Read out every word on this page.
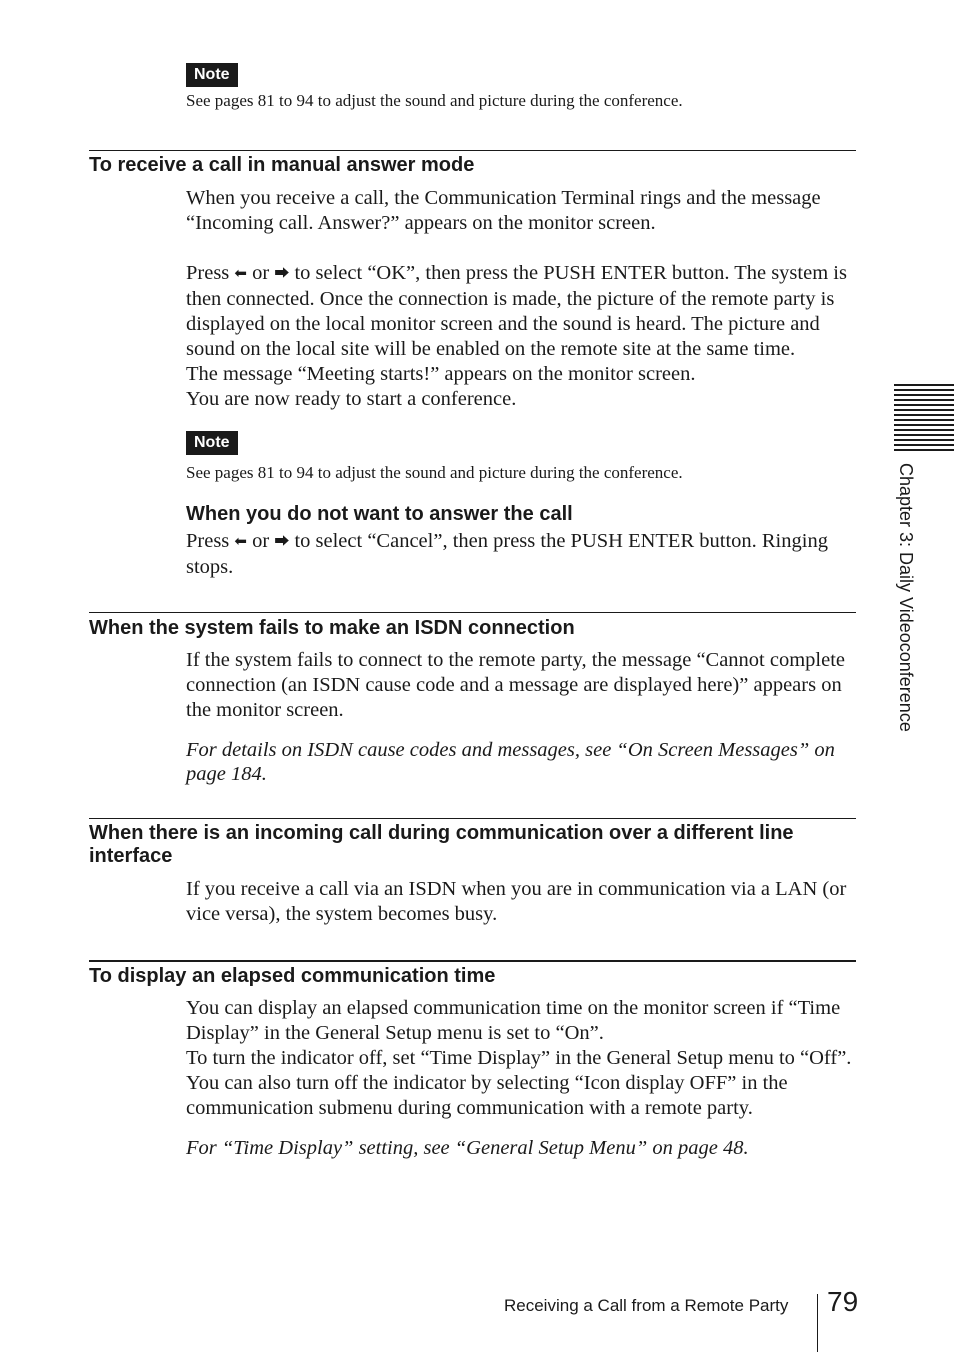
Note
See pages 81 to 94 to adjust the sound and picture during the conference.
To receive a call in manual answer mode

When you receive a call, the Communication Terminal rings and the message “Incoming call. Answer?” appears on the monitor screen.

Press ⬅ or ⮕ to select “OK”, then press the PUSH ENTER button. The system is then connected. Once the connection is made, the picture of the remote party is displayed on the local monitor screen and the sound is heard. The picture and sound on the local site will be enabled on the remote site at the same time.

The message “Meeting starts!” appears on the monitor screen.

You are now ready to start a conference.

Note
See pages 81 to 94 to adjust the sound and picture during the conference.
When you do not want to answer the call

Press ⬅ or ⮕ to select “Cancel”, then press the PUSH ENTER button. Ringing stops.

When the system fails to make an ISDN connection

If the system fails to connect to the remote party, the message “Cannot complete connection (an ISDN cause code and a message are displayed here)” appears on the monitor screen.

For details on ISDN cause codes and messages, see “On Screen Messages” on page 184.

When there is an incoming call during communication over a different line interface

If you receive a call via an ISDN when you are in communication via a LAN (or vice versa), the system becomes busy.

To display an elapsed communication time

You can display an elapsed communication time on the monitor screen if “Time Display” in the General Setup menu is set to “On”.

To turn the indicator off, set “Time Display” in the General Setup menu to “Off”. You can also turn off the indicator by selecting “Icon display OFF” in the communication submenu during communication with a remote party.

For “Time Display” setting, see “General Setup Menu” on page 48.

Chapter 3: Daily Videoconference
Receiving a Call from a Remote Party 79
